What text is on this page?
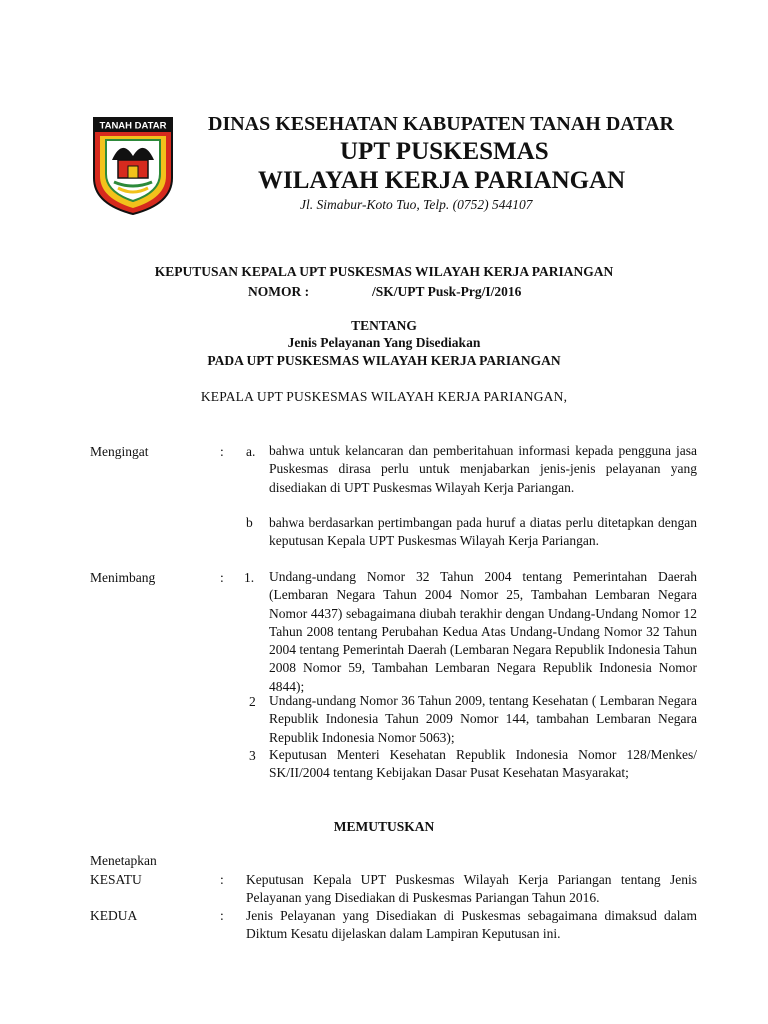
TANAH DATAR DINAS KESEHATAN KABUPATEN TANAH DATAR
UPT PUSKESMAS
WILAYAH KERJA PARIANGAN
Jl. Simabur-Koto Tuo, Telp. (0752) 544107
KEPUTUSAN KEPALA UPT PUSKESMAS WILAYAH KERJA PARIANGAN
NOMOR :	/SK/UPT Pusk-Prg/I/2016
TENTANG
Jenis Pelayanan Yang Disediakan
PADA UPT PUSKESMAS WILAYAH KERJA PARIANGAN
KEPALA UPT PUSKESMAS WILAYAH KERJA PARIANGAN,
Mengingat	: a. bahwa untuk kelancaran dan pemberitahuan informasi kepada pengguna jasa Puskesmas dirasa perlu untuk menjabarkan jenis-jenis pelayanan yang disediakan di UPT Puskesmas Wilayah Kerja Pariangan.
b bahwa berdasarkan pertimbangan pada huruf a diatas perlu ditetapkan dengan keputusan Kepala UPT Puskesmas Wilayah Kerja Pariangan.
Menimbang	: 1. Undang-undang Nomor 32 Tahun 2004 tentang Pemerintahan Daerah (Lembaran Negara Tahun 2004 Nomor 25, Tambahan Lembaran Negara Nomor 4437) sebagaimana diubah terakhir dengan Undang-Undang Nomor 12 Tahun 2008 tentang Perubahan Kedua Atas Undang-Undang Nomor 32 Tahun 2004 tentang Pemerintah Daerah (Lembaran Negara Republik Indonesia Tahun 2008 Nomor 59, Tambahan Lembaran Negara Republik Indonesia Nomor 4844);
2 Undang-undang Nomor 36 Tahun 2009, tentang Kesehatan ( Lembaran Negara Republik Indonesia Tahun 2009 Nomor 144, tambahan Lembaran Negara Republik Indonesia Nomor 5063);
3 Keputusan Menteri Kesehatan Republik Indonesia Nomor 128/Menkes/ SK/II/2004 tentang Kebijakan Dasar Pusat Kesehatan Masyarakat;
MEMUTUSKAN
Menetapkan
KESATU	: Keputusan Kepala UPT Puskesmas Wilayah Kerja Pariangan tentang Jenis Pelayanan yang Disediakan di Puskesmas Pariangan Tahun 2016.
KEDUA	: Jenis Pelayanan yang Disediakan di Puskesmas sebagaimana dimaksud dalam Diktum Kesatu dijelaskan dalam Lampiran Keputusan ini.
